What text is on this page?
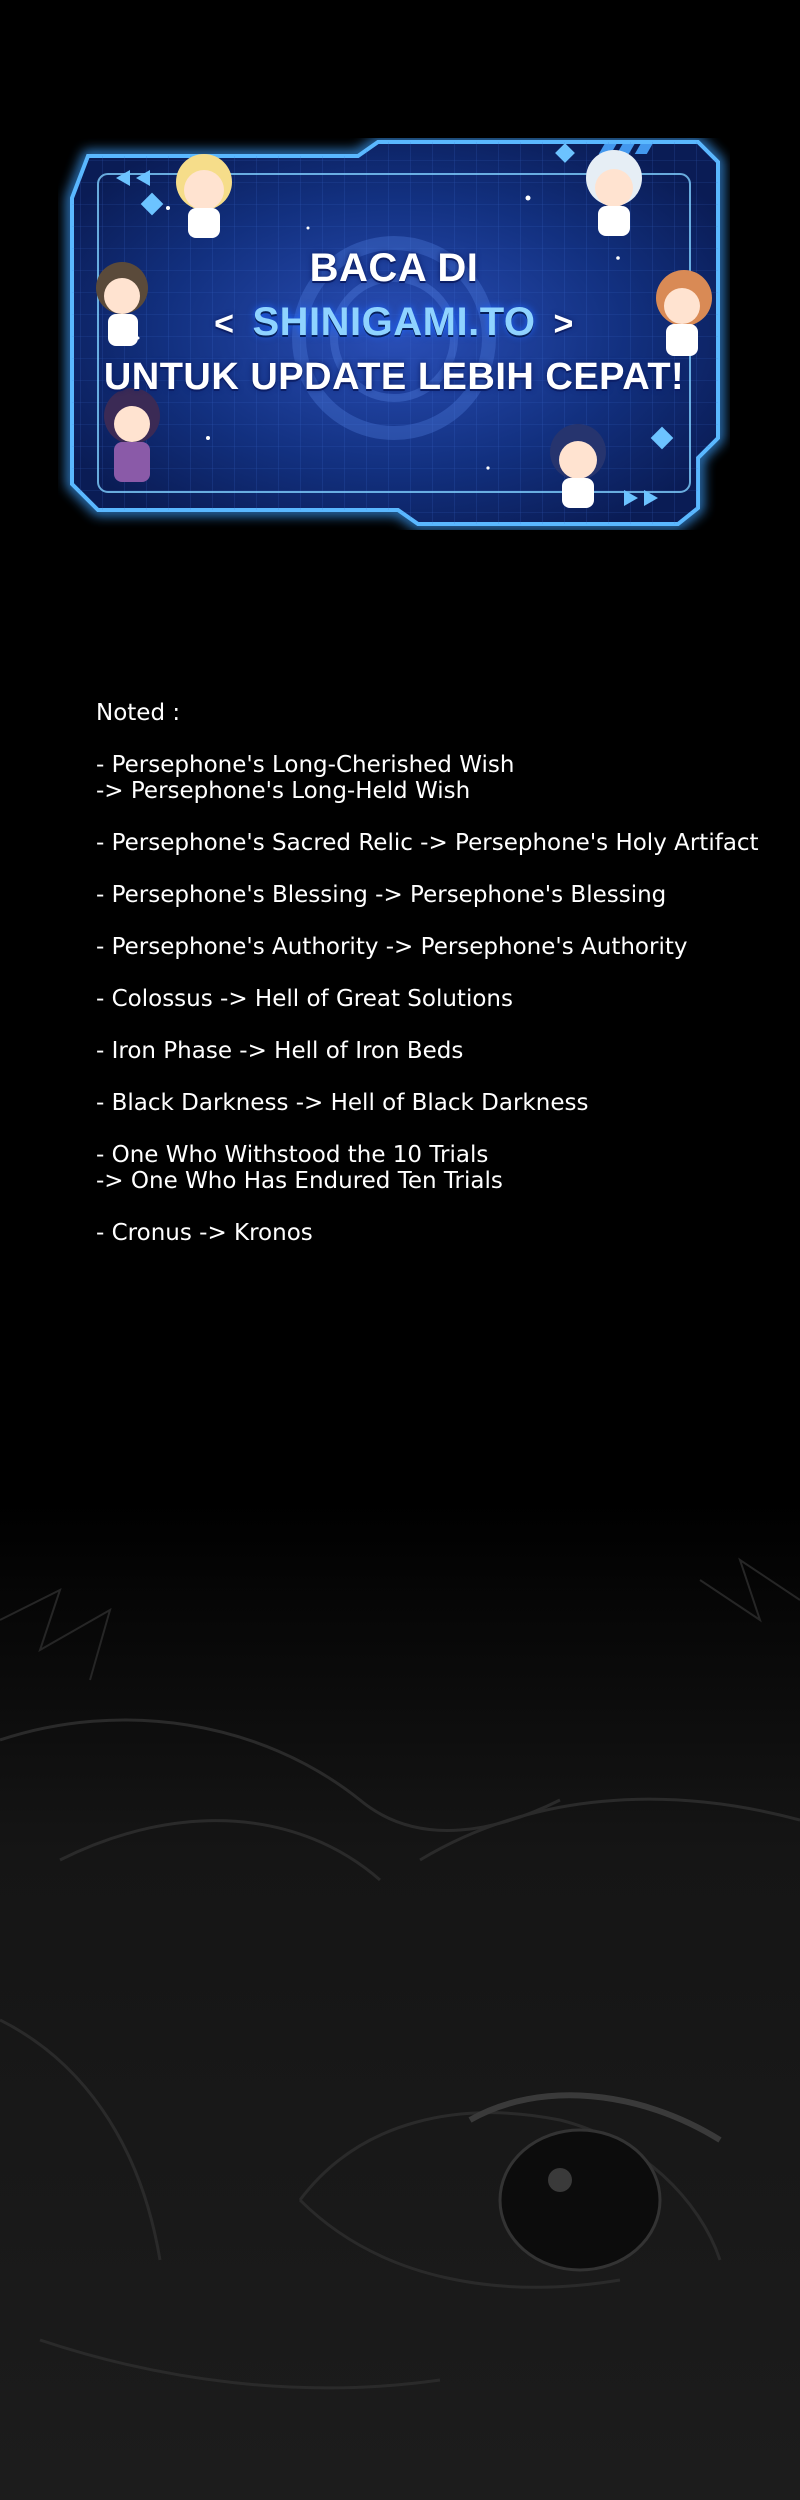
BACA DI
< SHINIGAMI.TO >
UNTUK UPDATE LEBIH CEPAT!
Noted :
- Persephone's Long-Cherished Wish
-> Persephone's Long-Held Wish
- Persephone's Sacred Relic -> Persephone's Holy Artifact
- Persephone's Blessing -> Persephone's Blessing
- Persephone's Authority -> Persephone's Authority
- Colossus -> Hell of Great Solutions
- Iron Phase -> Hell of Iron Beds
- Black Darkness -> Hell of Black Darkness
- One Who Withstood the 10 Trials
-> One Who Has Endured Ten Trials
- Cronus -> Kronos
